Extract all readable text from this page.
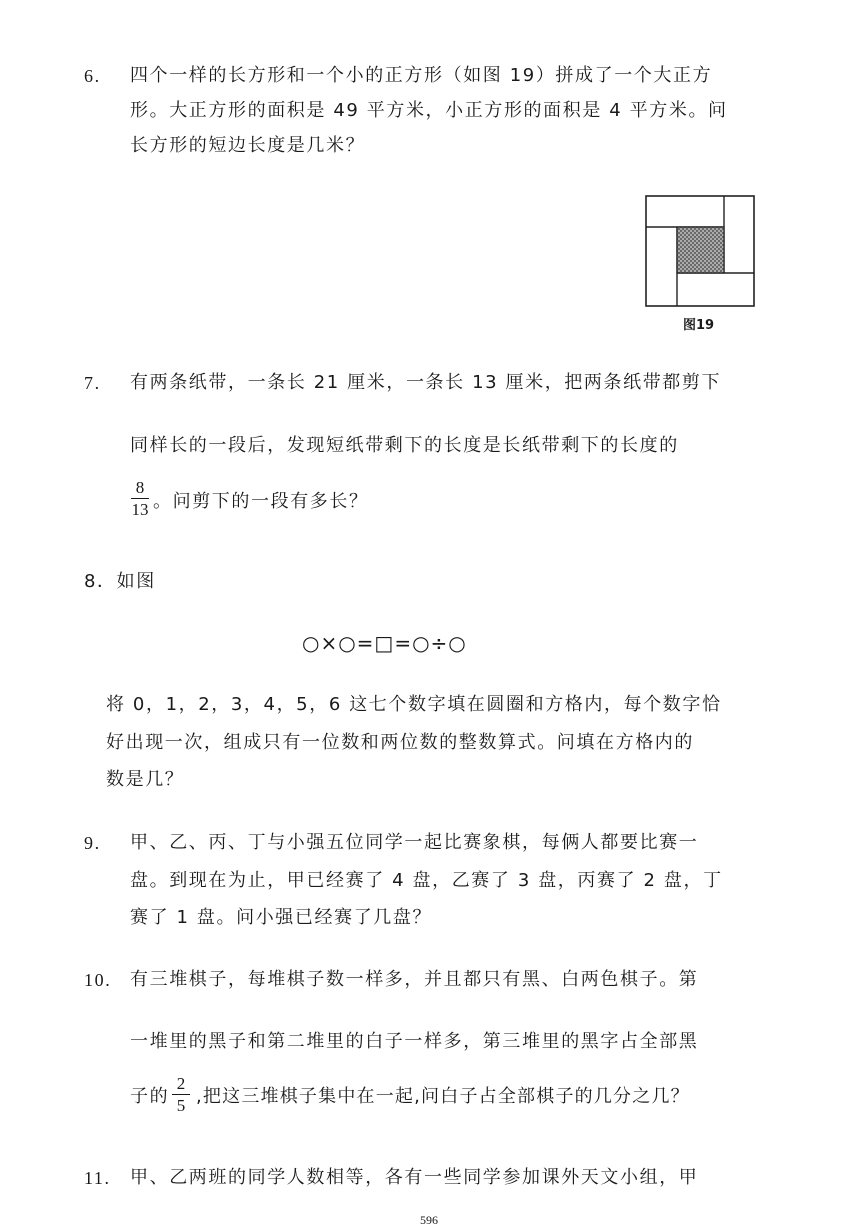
6. 四个一样的长方形和一个小的正方形（如图 19）拼成了一个大正方
形。大正方形的面积是 49 平方米，小正方形的面积是 4 平方米。问
长方形的短边长度是几米？
图19
7. 有两条纸带，一条长 21 厘米，一条长 13 厘米，把两条纸带都剪下
同样长的一段后，发现短纸带剩下的长度是长纸带剩下的长度的
8
13 。问剪下的一段有多长？
8．如图
○×○=□=○÷○
将 0，1，2，3，4，5，6 这七个数字填在圆圈和方格内，每个数字恰
好出现一次，组成只有一位数和两位数的整数算式。问填在方格内的
数是几？
9. 甲、乙、丙、丁与小强五位同学一起比赛象棋，每俩人都要比赛一
盘。到现在为止，甲已经赛了 4 盘，乙赛了 3 盘，丙赛了 2 盘，丁
赛了 1 盘。问小强已经赛了几盘？
10. 有三堆棋子，每堆棋子数一样多，并且都只有黑、白两色棋子。第
一堆里的黑子和第二堆里的白子一样多，第三堆里的黑字占全部黑
子的
2
5 ,把这三堆棋子集中在一起,问白子占全部棋子的几分之几？
11. 甲、乙两班的同学人数相等，各有一些同学参加课外天文小组，甲
596
